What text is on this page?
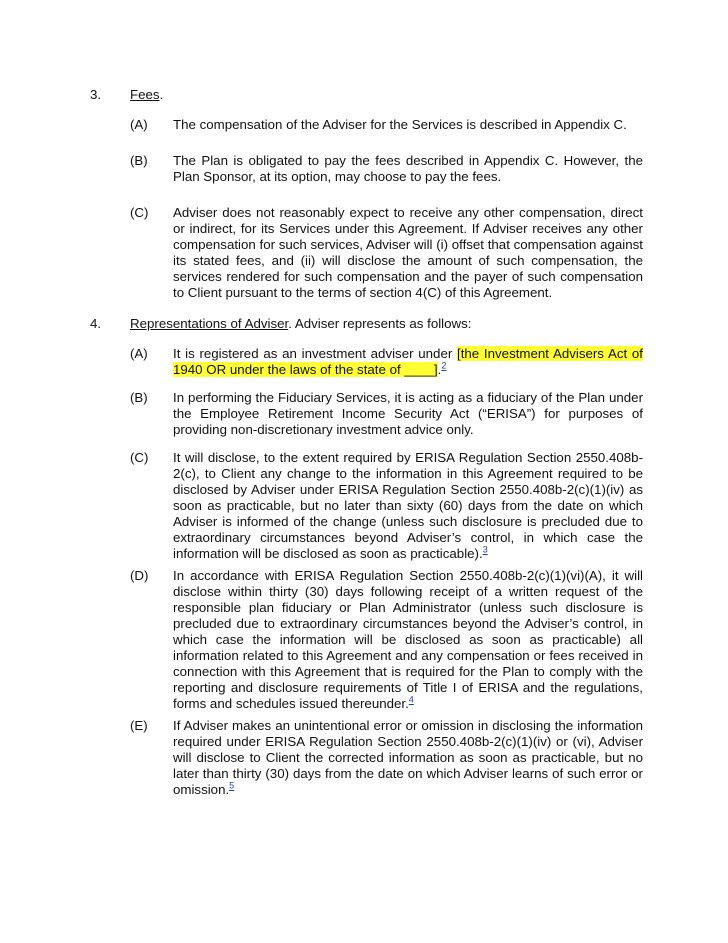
3. Fees.
(A) The compensation of the Adviser for the Services is described in Appendix C.
(B) The Plan is obligated to pay the fees described in Appendix C. However, the Plan Sponsor, at its option, may choose to pay the fees.
(C) Adviser does not reasonably expect to receive any other compensation, direct or indirect, for its Services under this Agreement. If Adviser receives any other compensation for such services, Adviser will (i) offset that compensation against its stated fees, and (ii) will disclose the amount of such compensation, the services rendered for such compensation and the payer of such compensation to Client pursuant to the terms of section 4(C) of this Agreement.
4. Representations of Adviser. Adviser represents as follows:
(A) It is registered as an investment adviser under [the Investment Advisers Act of 1940 OR under the laws of the state of ____].$^2$
(B) In performing the Fiduciary Services, it is acting as a fiduciary of the Plan under the Employee Retirement Income Security Act (“ERISA”) for purposes of providing non-discretionary investment advice only.
(C) It will disclose, to the extent required by ERISA Regulation Section 2550.408b-2(c), to Client any change to the information in this Agreement required to be disclosed by Adviser under ERISA Regulation Section 2550.408b-2(c)(1)(iv) as soon as practicable, but no later than sixty (60) days from the date on which Adviser is informed of the change (unless such disclosure is precluded due to extraordinary circumstances beyond Adviser’s control, in which case the information will be disclosed as soon as practicable).$^3$
(D) In accordance with ERISA Regulation Section 2550.408b-2(c)(1)(vi)(A), it will disclose within thirty (30) days following receipt of a written request of the responsible plan fiduciary or Plan Administrator (unless such disclosure is precluded due to extraordinary circumstances beyond the Adviser’s control, in which case the information will be disclosed as soon as practicable) all information related to this Agreement and any compensation or fees received in connection with this Agreement that is required for the Plan to comply with the reporting and disclosure requirements of Title I of ERISA and the regulations, forms and schedules issued thereunder.$^4$
(E) If Adviser makes an unintentional error or omission in disclosing the information required under ERISA Regulation Section 2550.408b-2(c)(1)(iv) or (vi), Adviser will disclose to Client the corrected information as soon as practicable, but no later than thirty (30) days from the date on which Adviser learns of such error or omission.$^5$
